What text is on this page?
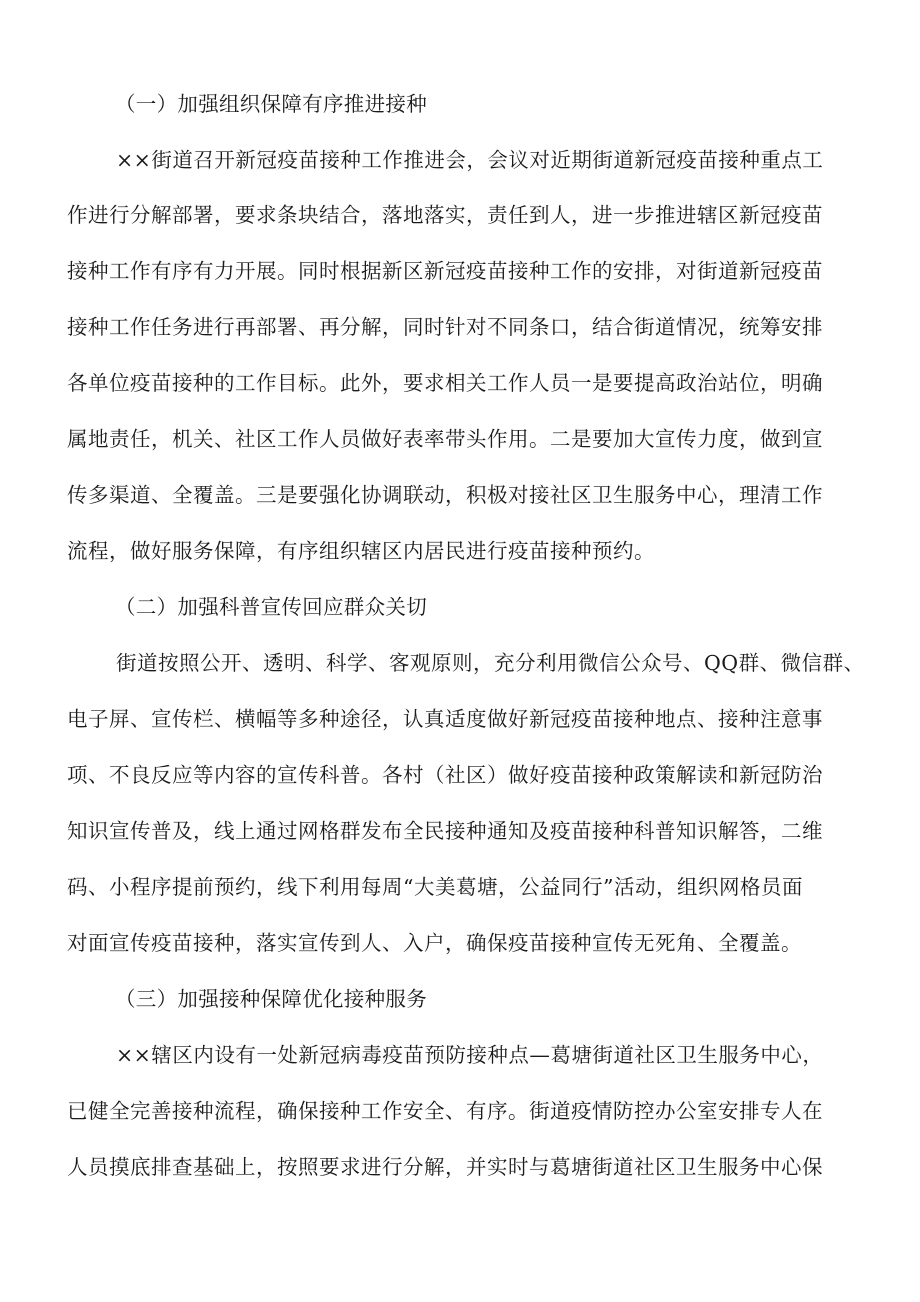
（一）加强组织保障有序推进接种
××街道召开新冠疫苗接种工作推进会，会议对近期街道新冠疫苗接种重点工
作进行分解部署，要求条块结合，落地落实，责任到人，进一步推进辖区新冠疫苗
接种工作有序有力开展。同时根据新区新冠疫苗接种工作的安排，对街道新冠疫苗
接种工作任务进行再部署、再分解，同时针对不同条口，结合街道情况，统筹安排
各单位疫苗接种的工作目标。此外，要求相关工作人员一是要提高政治站位，明确
属地责任，机关、社区工作人员做好表率带头作用。二是要加大宣传力度，做到宣
传多渠道、全覆盖。三是要强化协调联动，积极对接社区卫生服务中心，理清工作
流程，做好服务保障，有序组织辖区内居民进行疫苗接种预约。
（二）加强科普宣传回应群众关切
街道按照公开、透明、科学、客观原则，充分利用微信公众号、QQ群、微信群、
电子屏、宣传栏、横幅等多种途径，认真适度做好新冠疫苗接种地点、接种注意事
项、不良反应等内容的宣传科普。各村（社区）做好疫苗接种政策解读和新冠防治
知识宣传普及，线上通过网格群发布全民接种通知及疫苗接种科普知识解答，二维
码、小程序提前预约，线下利用每周“大美葛塘，公益同行”活动，组织网格员面
对面宣传疫苗接种，落实宣传到人、入户，确保疫苗接种宣传无死角、全覆盖。
（三）加强接种保障优化接种服务
××辖区内设有一处新冠病毒疫苗预防接种点—葛塘街道社区卫生服务中心，
已健全完善接种流程，确保接种工作安全、有序。街道疫情防控办公室安排专人在
人员摸底排查基础上，按照要求进行分解，并实时与葛塘街道社区卫生服务中心保
